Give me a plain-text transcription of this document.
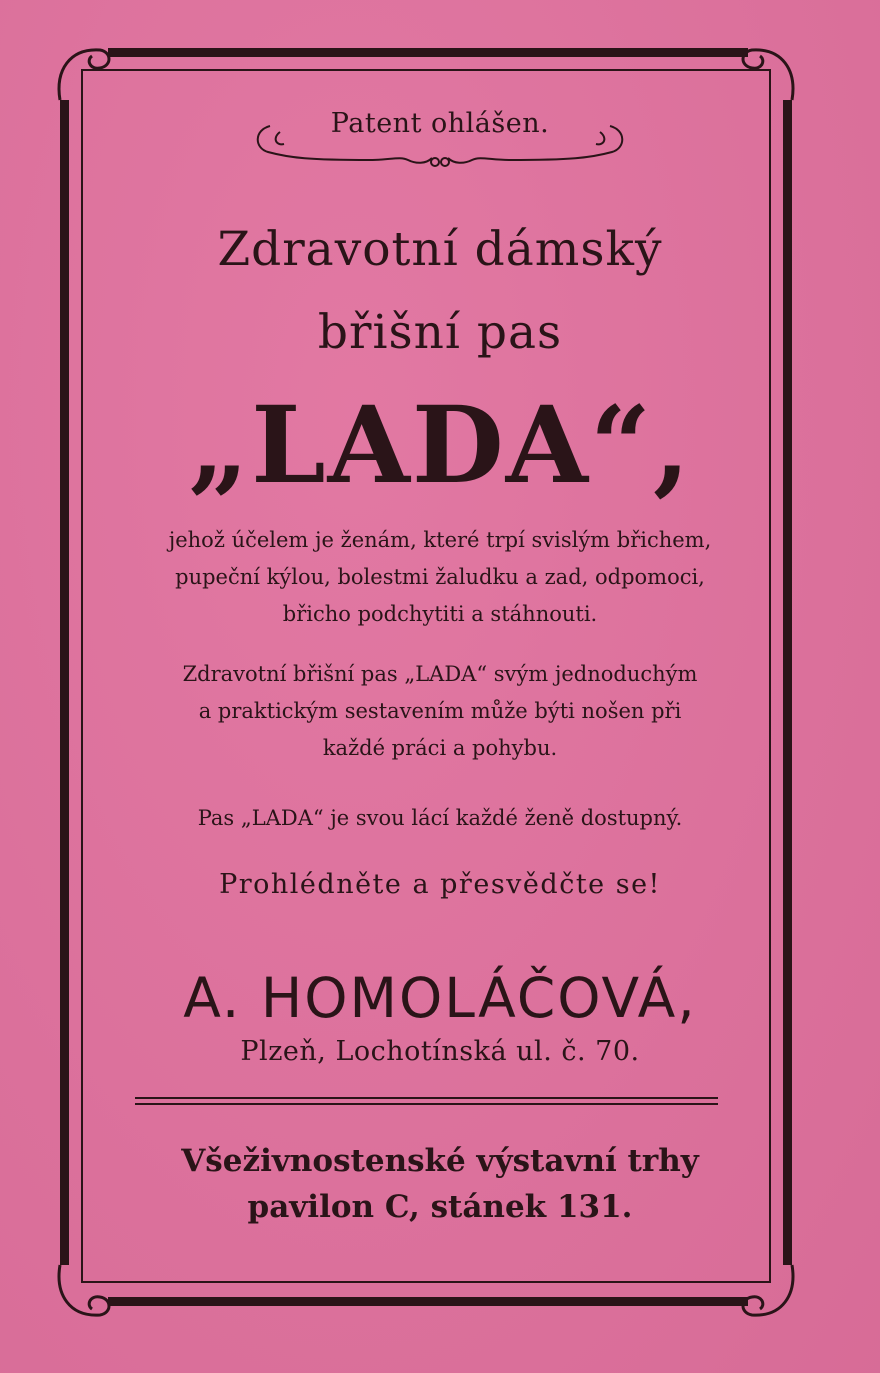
Patent ohlášen.
Zdravotní dámský
břišní pas
„LADA“,
jehož účelem je ženám, které trpí svislým břichem,
pupeční kýlou, bolestmi žaludku a zad, odpomoci,
břicho podchytiti a stáhnouti.
Zdravotní břišní pas „LADA“ svým jednoduchým
a praktickým sestavením může býti nošen při
každé práci a pohybu.
Pas „LADA“ je svou lácí každé ženě dostupný.
Prohlédněte a přesvědčte se!
A. HOMOLÁČOVÁ,
Plzeň, Lochotínská ul. č. 70.
Všeživnostenské výstavní trhy
pavilon C, stánek 131.
